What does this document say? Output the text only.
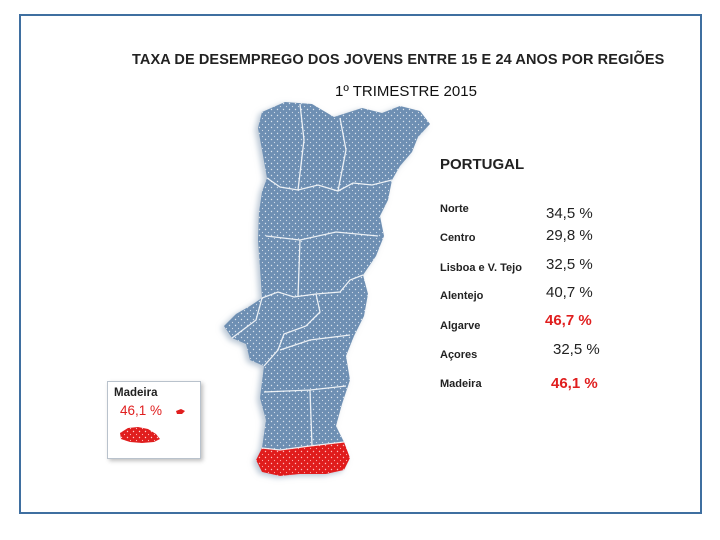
TAXA DE DESEMPREGO DOS JOVENS ENTRE 15 E 24 ANOS POR REGIÕES
1º TRIMESTRE 2015
PORTUGAL
Norte	34,5 %
Centro	29,8 %
Lisboa e V. Tejo 32,5 %
Alentejo	40,7 %
Algarve	46,7 %
Açores	32,5 %
Madeira	46,1 %
Madeira
46,1 %
